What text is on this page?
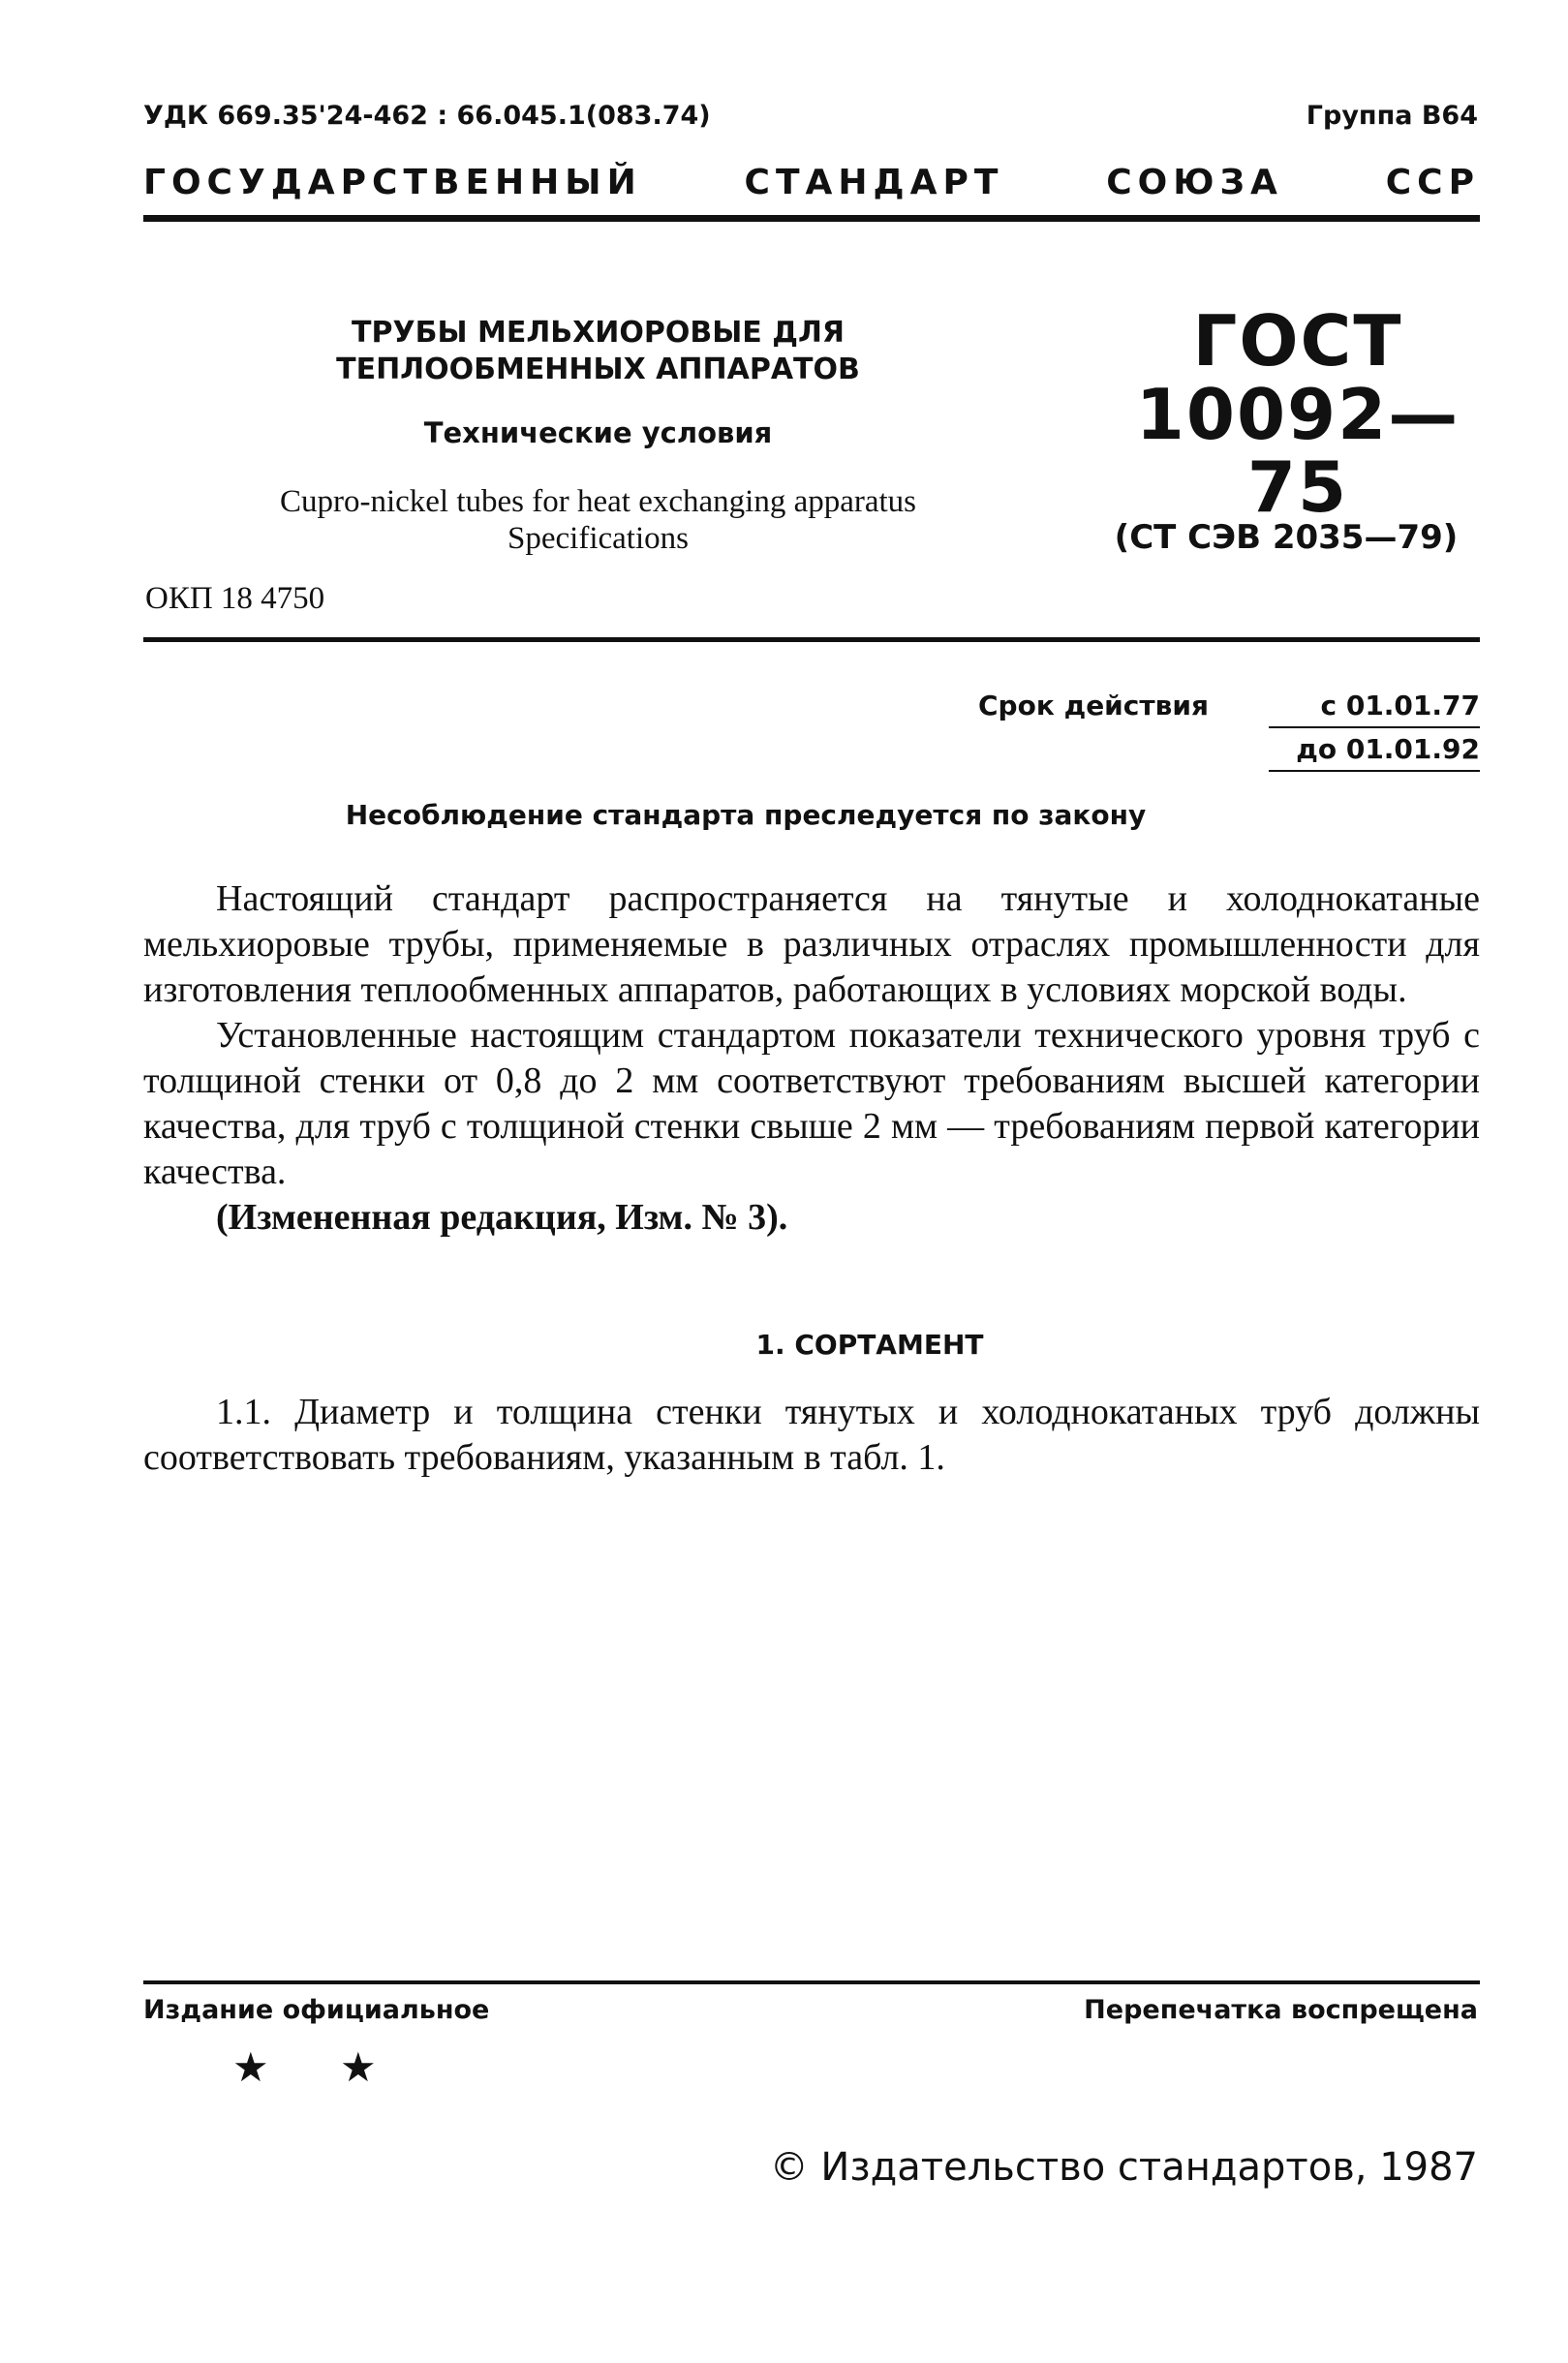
УДК 669.35'24-462 : 66.045.1(083.74)	Группа В64
ГОСУДАРСТВЕННЫЙ	СТАНДАРТ	СОЮЗА	ССР
ТРУБЫ МЕЛЬХИОРОВЫЕ ДЛЯ ТЕПЛООБМЕННЫХ АППАРАТОВ
Технические условия
Cupro-nickel tubes for heat exchanging apparatus
Specifications
ОКП 18 4750
ГОСТ
10092—75
(СТ СЭВ 2035—79)
Срок действия	с 01.01.77
до 01.01.92
Несоблюдение стандарта преследуется по закону

Настоящий стандарт распространяется на тянутые и холоднокатаные мельхиоровые трубы, применяемые в различных отраслях промышленности для изготовления теплообменных аппаратов, работающих в условиях морской воды.

Установленные настоящим стандартом показатели технического уровня труб с толщиной стенки от 0,8 до 2 мм соответствуют требованиям высшей категории качества, для труб с толщиной стенки свыше 2 мм — требованиям первой категории качества.

(Измененная редакция, Изм. № 3).

1. СОРТАМЕНТ

1.1. Диаметр и толщина стенки тянутых и холоднокатаных труб должны соответствовать требованиям, указанным в табл. 1.

Издание официальное	Перепечатка воспрещена
★ ★
© Издательство стандартов, 1987
